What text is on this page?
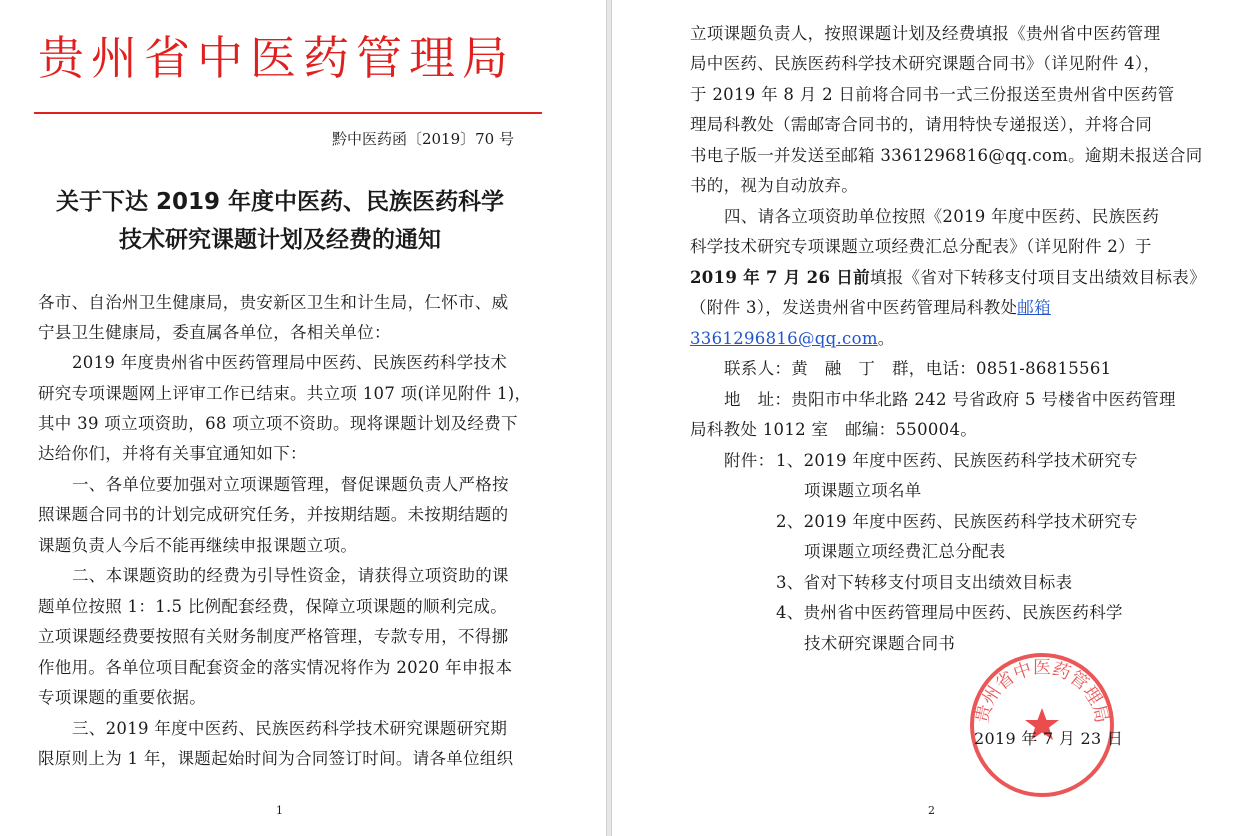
贵州省中医药管理局
黔中医药函〔2019〕70 号
关于下达 2019 年度中医药、民族医药科学
技术研究课题计划及经费的通知
各市、自治州卫生健康局，贵安新区卫生和计生局，仁怀市、威
宁县卫生健康局，委直属各单位，各相关单位：
2019 年度贵州省中医药管理局中医药、民族医药科学技术
研究专项课题网上评审工作已结束。共立项 107 项(详见附件 1)，
其中 39 项立项资助，68 项立项不资助。现将课题计划及经费下
达给你们，并将有关事宜通知如下：
一、各单位要加强对立项课题管理，督促课题负责人严格按
照课题合同书的计划完成研究任务，并按期结题。未按期结题的
课题负责人今后不能再继续申报课题立项。
二、本课题资助的经费为引导性资金，请获得立项资助的课
题单位按照 1：1.5 比例配套经费，保障立项课题的顺利完成。
立项课题经费要按照有关财务制度严格管理，专款专用，不得挪
作他用。各单位项目配套资金的落实情况将作为 2020 年申报本
专项课题的重要依据。
三、2019 年度中医药、民族医药科学技术研究课题研究期
限原则上为 1 年，课题起始时间为合同签订时间。请各单位组织
1
立项课题负责人，按照课题计划及经费填报《贵州省中医药管理
局中医药、民族医药科学技术研究课题合同书》（详见附件 4），
于 2019 年 8 月 2 日前将合同书一式三份报送至贵州省中医药管
理局科教处（需邮寄合同书的，请用特快专递报送），并将合同
书电子版一并发送至邮箱 3361296816@qq.com。逾期未报送合同
书的，视为自动放弃。
四、请各立项资助单位按照《2019 年度中医药、民族医药
科学技术研究专项课题立项经费汇总分配表》（详见附件 2）于
2019 年 7 月 26 日前填报《省对下转移支付项目支出绩效目标表》
（附件 3），发送贵州省中医药管理局科教处邮箱
3361296816@qq.com。
联系人：黄　融　丁　群，电话：0851-86815561
地　址：贵阳市中华北路 242 号省政府 5 号楼省中医药管理
局科教处 1012 室　邮编：550004。
附件： 1、2019 年度中医药、民族医药科学技术研究专
项课题立项名单
2、2019 年度中医药、民族医药科学技术研究专
项课题立项经费汇总分配表
3、省对下转移支付项目支出绩效目标表
4、贵州省中医药管理局中医药、民族医药科学
技术研究课题合同书
贵州省中医药管理局
2019 年 7 月 23 日
2
